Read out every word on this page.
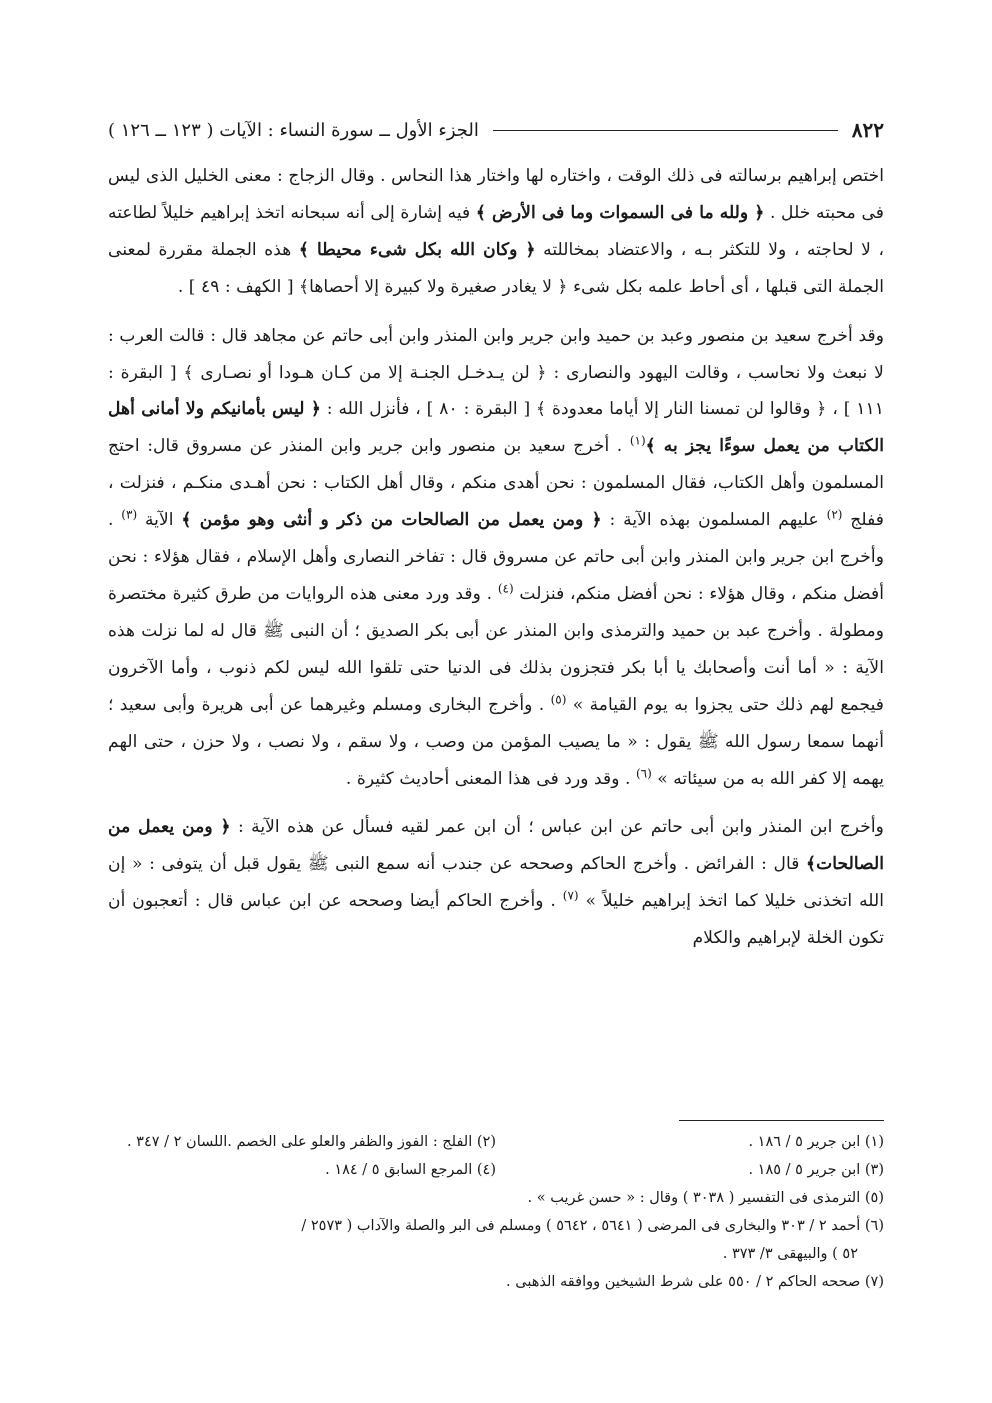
٨٢٢
الجزء الأول ــ سورة النساء : الآيات ( ١٢٣ ــ ١٢٦ )

اختص إبراهيم برسالته فى ذلك الوقت ، واختاره لها واختار هذا النحاس . وقال الزجاج : معنى الخليل الذى ليس فى محبته خلل . ﴿ ولله ما فى السموات وما فى الأرض ﴾ فيه إشارة إلى أنه سبحانه اتخذ إبراهيم خليلاً لطاعته ، لا لحاجته ، ولا للتكثر بـه ، والاعتضاد بمخاللته ﴿ وكان الله بكل شىء محيطا ﴾ هذه الجملة مقررة لمعنى الجملة التى قبلها ، أى أحاط علمه بكل شىء ﴿ لا يغادر صغيرة ولا كبيرة إلا أحصاها﴾ [ الكهف : ٤٩ ] .

وقد أخرج سعيد بن منصور وعبد بن حميد وابن جرير وابن المنذر وابن أبى حاتم عن مجاهد قال : قالت العرب : لا نبعث ولا نحاسب ، وقالت اليهود والنصارى : ﴿ لن يـدخـل الجنـة إلا من كـان هـودا أو نصـارى ﴾ [ البقرة : ١١١ ] ، ﴿ وقالوا لن تمسنا النار إلا أياما معدودة ﴾ [ البقرة : ٨٠ ] ، فأنزل الله : ﴿ ليس بأمانيكم ولا أمانى أهل الكتاب من يعمل سوءًا يجز به ﴾$^{(١)}$ . أخرج سعيد بن منصور وابن جرير وابن المنذر عن مسروق قال: احتج المسلمون وأهل الكتاب، فقال المسلمون : نحن أهدى منكم ، وقال أهل الكتاب : نحن أهـدى منكـم ، فنزلت ، ففلج $^{(٢)}$ عليهم المسلمون بهذه الآية : ﴿ ومن يعمل من الصالحات من ذكر و أنثى وهو مؤمن ﴾ الآية $^{(٣)}$ . وأخرج ابن جرير وابن المنذر وابن أبى حاتم عن مسروق قال : تفاخر النصارى وأهل الإسلام ، فقال هؤلاء : نحن أفضل منكم ، وقال هؤلاء : نحن أفضل منكم، فنزلت $^{(٤)}$ . وقد ورد معنى هذه الروايات من طرق كثيرة مختصرة ومطولة . وأخرج عبد بن حميد والترمذى وابن المنذر عن أبى بكر الصديق ؛ أن النبى ﷺ قال له لما نزلت هذه الآية : « أما أنت وأصحابك يا أبا بكر فتجزون بذلك فى الدنيا حتى تلقوا الله ليس لكم ذنوب ، وأما الآخرون فيجمع لهم ذلك حتى يجزوا به يوم القيامة » $^{(٥)}$ . وأخرج البخارى ومسلم وغيرهما عن أبى هريرة وأبى سعيد ؛ أنهما سمعا رسول الله ﷺ يقول : « ما يصيب المؤمن من وصب ، ولا سقم ، ولا نصب ، ولا حزن ، حتى الهم يهمه إلا كفر الله به من سيئاته » $^{(٦)}$ . وقد ورد فى هذا المعنى أحاديث كثيرة .

وأخرج ابن المنذر وابن أبى حاتم عن ابن عباس ؛ أن ابن عمر لقيه فسأل عن هذه الآية : ﴿ ومن يعمل من الصالحات﴾ قال : الفرائض . وأخرج الحاكم وصححه عن جندب أنه سمع النبى ﷺ يقول قبل أن يتوفى : « إن الله اتخذنى خليلا كما اتخذ إبراهيم خليلاً » $^{(٧)}$ . وأخرج الحاكم أيضا وصححه عن ابن عباس قال : أتعجبون أن تكون الخلة لإبراهيم والكلام

(١) ابن جرير ٥ / ١٨٦ .
(٢) الفلج : الفوز والظفر والعلو على الخصم .اللسان ٢ / ٣٤٧ .
(٣) ابن جرير ٥ / ١٨٥ .
(٤) المرجع السابق ٥ / ١٨٤ .
(٥) الترمذى فى التفسير ( ٣٠٣٨ ) وقال : « حسن غريب » .
(٦) أحمد ٢ / ٣٠٣ والبخارى فى المرضى ( ٥٦٤١ ، ٥٦٤٢ ) ومسلم فى البر والصلة والآداب ( ٢٥٧٣ /
٥٢ ) والبيهقى ٣/ ٣٧٣ .
(٧) صححه الحاكم ٢ / ٥٥٠ على شرط الشيخين ووافقه الذهبى .
